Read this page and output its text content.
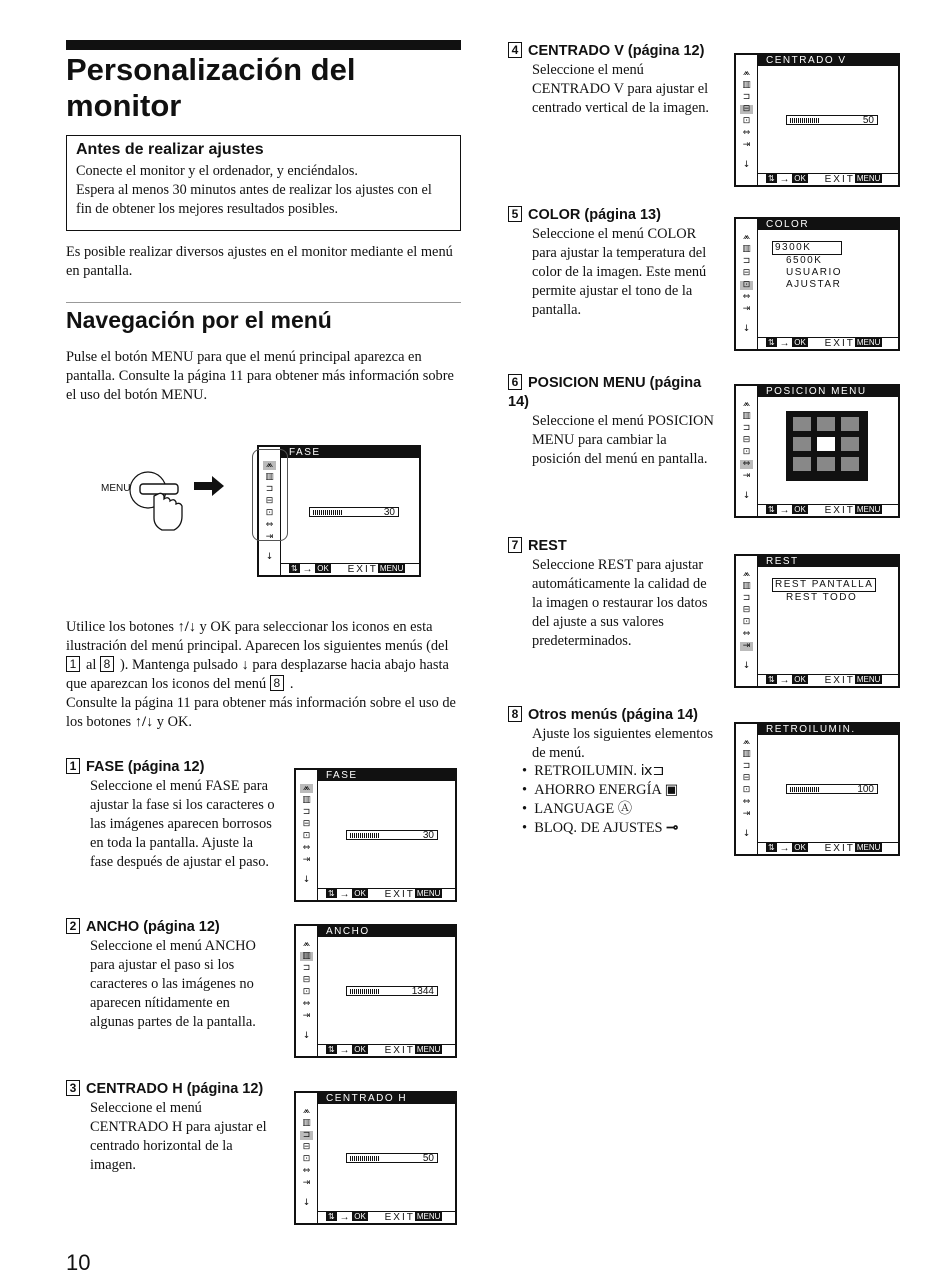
Personalización del monitor
Antes de realizar ajustes

Conecte el monitor y el ordenador, y enciéndalos.

Espera al menos 30 minutos antes de realizar los ajustes con el fin de obtener los mejores resultados posibles.

Es posible realizar diversos ajustes en el monitor mediante el menú en pantalla.

Navegación por el menú

Pulse el botón MENU para que el menú principal aparezca en pantalla. Consulte la página 11 para obtener más información sobre el uso del botón MENU.

MENU
⩕
▥
⊐
⊟
⊡
⇔
⇥
↓
FASE
30
⇅ → OK EXIT MENU
Utilice los botones ↑/↓ y OK para seleccionar los iconos en esta ilustración del menú principal. Aparecen los siguientes menús (del 1 al 8 ). Mantenga pulsado ↓ para desplazarse hacia abajo hasta que aparezcan los iconos del menú 8 .
Consulte la página 11 para obtener más información sobre el uso de los botones ↑/↓ y OK.
1 FASE (página 12)
Seleccione el menú FASE para ajustar la fase si los caracteres o las imágenes aparecen borrosos en toda la pantalla. Ajuste la fase después de ajustar el paso.
⩕
▥
⊐
⊟
⊡
⇔
⇥
↓
FASE
30
⇅ → OK EXIT MENU
2 ANCHO (página 12)
Seleccione el menú ANCHO para ajustar el paso si los caracteres o las imágenes no aparecen nítidamente en algunas partes de la pantalla.
⩕
▥
⊐
⊟
⊡
⇔
⇥
↓
ANCHO
1344
⇅ → OK EXIT MENU
3 CENTRADO H (página 12)
Seleccione el menú CENTRADO H para ajustar el centrado horizontal de la imagen.
⩕
▥
⊐
⊟
⊡
⇔
⇥
↓
CENTRADO H
50
⇅ → OK EXIT MENU
4 CENTRADO V (página 12)
Seleccione el menú CENTRADO V para ajustar el centrado vertical de la imagen.
⩕
▥
⊐
⊟
⊡
⇔
⇥
↓
CENTRADO V
50
⇅ → OK EXIT MENU
5 COLOR (página 13)
Seleccione el menú COLOR para ajustar la temperatura del color de la imagen. Este menú permite ajustar el tono de la pantalla.
⩕
▥
⊐
⊟
⊡
⇔
⇥
↓
COLOR
9300K
6500K
USUARIO
AJUSTAR
⇅ → OK EXIT MENU
6 POSICION MENU (página 14)
Seleccione el menú POSICION MENU para cambiar la posición del menú en pantalla.
⩕
▥
⊐
⊟
⊡
⇔
⇥
↓
POSICION MENU
⇅ → OK EXIT MENU
7 REST
Seleccione REST para ajustar automáticamente la calidad de la imagen o restaurar los datos del ajuste a sus valores predeterminados.
⩕
▥
⊐
⊟
⊡
⇔
⇥
↓
REST
REST PANTALLA
REST TODO
⇅ → OK EXIT MENU
8 Otros menús (página 14)
Ajuste los siguientes elementos de menú.
⩕
▥
⊐
⊟
⊡
⇔
⇥
↓
RETROILUMIN.
100
⇅ → OK EXIT MENU
•  RETROILUMIN. ⅸ⊐
•  AHORRO ENERGÍA ▣
•  LANGUAGE Ⓐ
•  BLOQ. DE AJUSTES ⊸
10
